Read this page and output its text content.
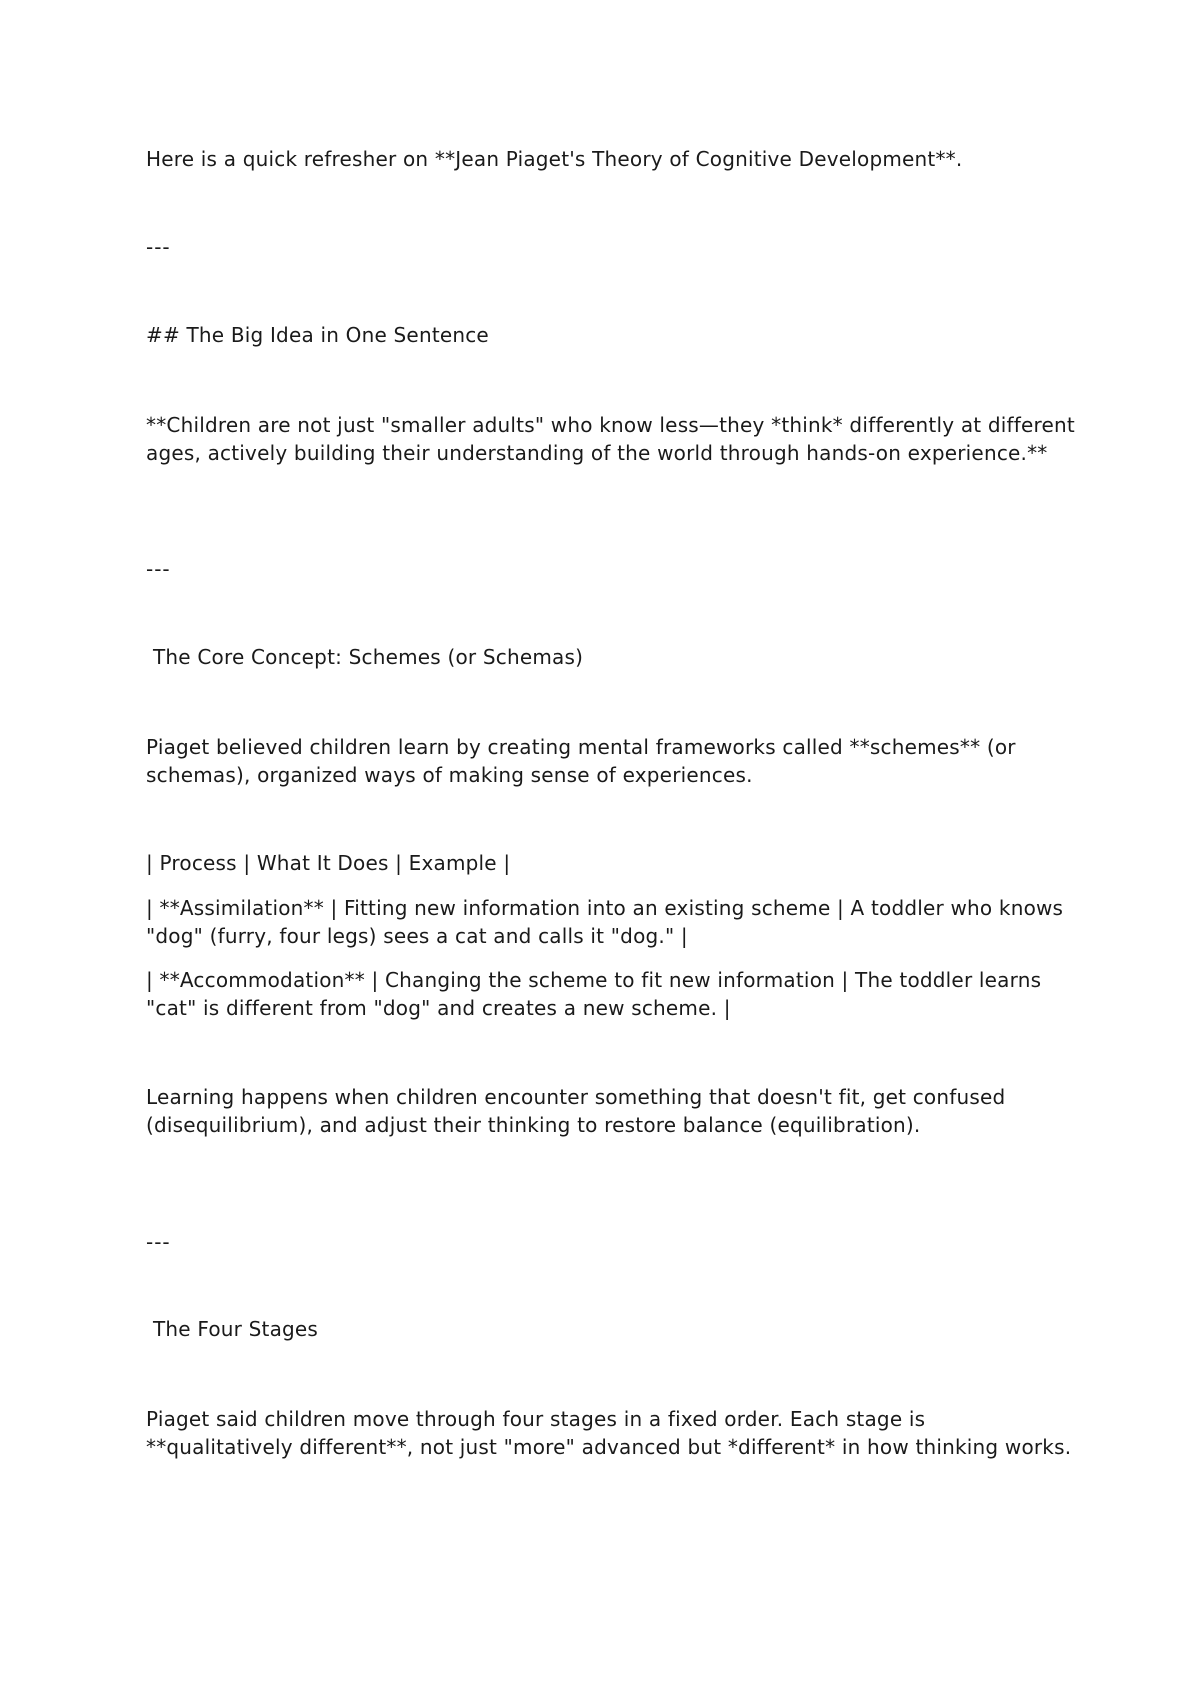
Here is a quick refresher on **Jean Piaget's Theory of Cognitive Development**.

---

## The Big Idea in One Sentence

**Children are not just "smaller adults" who know less—they *think* differently at different ages, actively building their understanding of the world through hands-on experience.**

---

The Core Concept: Schemes (or Schemas)

Piaget believed children learn by creating mental frameworks called **schemes** (or schemas), organized ways of making sense of experiences.

| Process | What It Does | Example |

| **Assimilation** | Fitting new information into an existing scheme | A toddler who knows "dog" (furry, four legs) sees a cat and calls it "dog." |

| **Accommodation** | Changing the scheme to fit new information | The toddler learns "cat" is different from "dog" and creates a new scheme. |

Learning happens when children encounter something that doesn't fit, get confused (disequilibrium), and adjust their thinking to restore balance (equilibration).

---

The Four Stages

Piaget said children move through four stages in a fixed order. Each stage is **qualitatively different**, not just "more" advanced but *different* in how thinking works.
